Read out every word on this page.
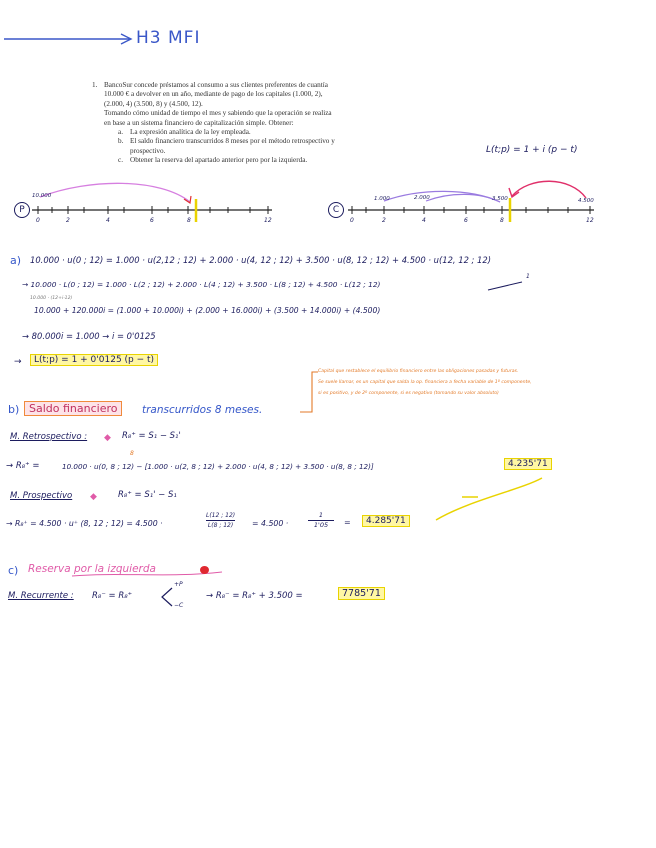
H3 MFI
1. BancoSur concede préstamos al consumo a sus clientes preferentes de cuantía
10.000 € a devolver en un año, mediante de pago de los capitales (1.000, 2),
(2.000, 4) (3.500, 8) y (4.500, 12).
Tomando cómo unidad de tiempo el mes y sabiendo que la operación se realiza
en base a un sistema financiero de capitalización simple. Obtener:
a. La expresión analítica de la ley empleada.
b. El saldo financiero transcurridos 8 meses por el método retrospectivo y
prospectivo.
c. Obtener la reserva del apartado anterior pero por la izquierda.
L(t;p) = 1 + i (p − t)
P
10.000
0	2	4	6	8	12
C
1.000	2.000	3.500	4.500
0	2	4	6	8	12
a) 10.000 · u(0 ; 12) = 1.000 · u(2,12 ; 12) + 2.000 · u(4, 12 ; 12) + 3.500 · u(8, 12 ; 12) + 4.500 · u(12, 12 ; 12)
→ 10.000 · L(0 ; 12) = 1.000 · L(2 ; 12) + 2.000 · L(4 ; 12) + 3.500 · L(8 ; 12) + 4.500 · L(12 ; 12)
1
10.000 · (12+i·12)
10.000 + 120.000i = (1.000 + 10.000i) + (2.000 + 16.000i) + (3.500 + 14.000i) + (4.500)
→ 80.000i = 1.000 → i = 0'0125
→	L(t;p) = 1 + 0'0125 (p − t)
b) Saldo financiero	transcurridos 8 meses.
Capital que restablece el equilibrio financiero entre las obligaciones pasadas y futuras.
Se suele llamar, es un capital que salda la op. financiera a fecha variable de 1º componente,
si es positivo, y de 2º componente, si es negativo (tomando su valor absoluto)
M. Retrospectivo : ◆ R₈⁺ = S₁ − S₁'
→ R₈⁺ =	10.000 · u(0, 8 ; 12) − [1.000 · u(2, 8 ; 12) + 2.000 · u(4, 8 ; 12) + 3.500 · u(8, 8 ; 12)]
8
4.235'71
M. Prospectivo ◆ R₈⁺ = S₁' − S₁
→ R₈⁺ = 4.500 · u⁺ (8, 12 ; 12) = 4.500 ·	$\frac{L(12 ; 12)}{L(8 ; 12)} = 4.500$ ·	$\frac{1}{1'05}$ =	4.285'71
c) Reserva por la izquierda
M. Recurrente : R₈⁻ = R₈⁺
+P
−C
→ R₈⁻ = R₈⁺ + 3.500 =	7785'71
